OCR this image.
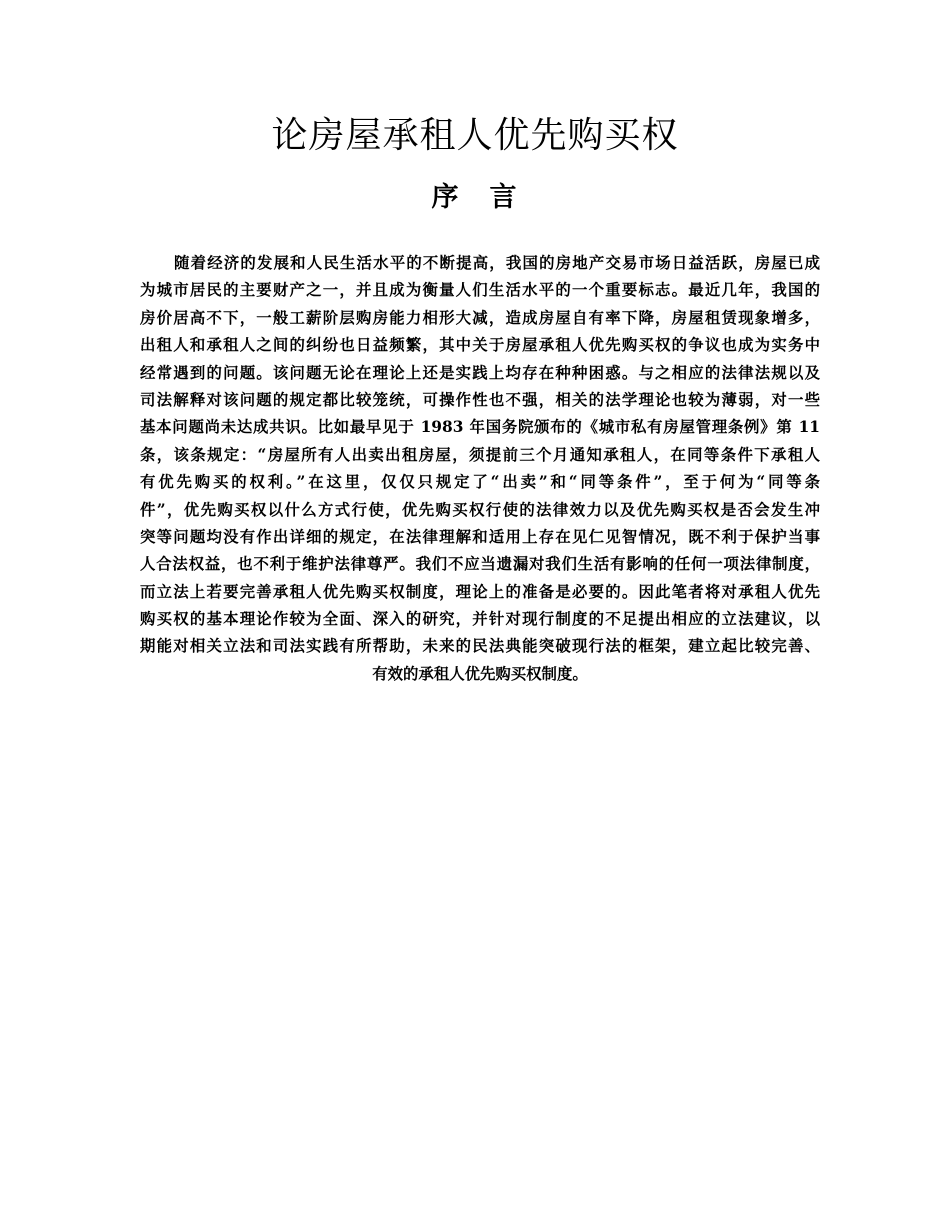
论房屋承租人优先购买权
序　言
随着经济的发展和人民生活水平的不断提高，我国的房地产交易市场日益活跃，房屋已成
为城市居民的主要财产之一，并且成为衡量人们生活水平的一个重要标志。最近几年，我国的
房价居高不下，一般工薪阶层购房能力相形大减，造成房屋自有率下降，房屋租赁现象增多，
出租人和承租人之间的纠纷也日益频繁，其中关于房屋承租人优先购买权的争议也成为实务中
经常遇到的问题。该问题无论在理论上还是实践上均存在种种困惑。与之相应的法律法规以及
司法解释对该问题的规定都比较笼统，可操作性也不强，相关的法学理论也较为薄弱，对一些
基本问题尚未达成共识。比如最早见于 1983 年国务院颁布的《城市私有房屋管理条例》第 11
条，该条规定：“房屋所有人出卖出租房屋，须提前三个月通知承租人，在同等条件下承租人
有优先购买的权利。”在这里，仅仅只规定了“出卖”和“同等条件”，至于何为“同等条
件”，优先购买权以什么方式行使，优先购买权行使的法律效力以及优先购买权是否会发生冲
突等问题均没有作出详细的规定，在法律理解和适用上存在见仁见智情况，既不利于保护当事
人合法权益，也不利于维护法律尊严。我们不应当遗漏对我们生活有影响的任何一项法律制度，
而立法上若要完善承租人优先购买权制度，理论上的准备是必要的。因此笔者将对承租人优先
购买权的基本理论作较为全面、深入的研究，并针对现行制度的不足提出相应的立法建议，以
期能对相关立法和司法实践有所帮助，未来的民法典能突破现行法的框架，建立起比较完善、
有效的承租人优先购买权制度。
